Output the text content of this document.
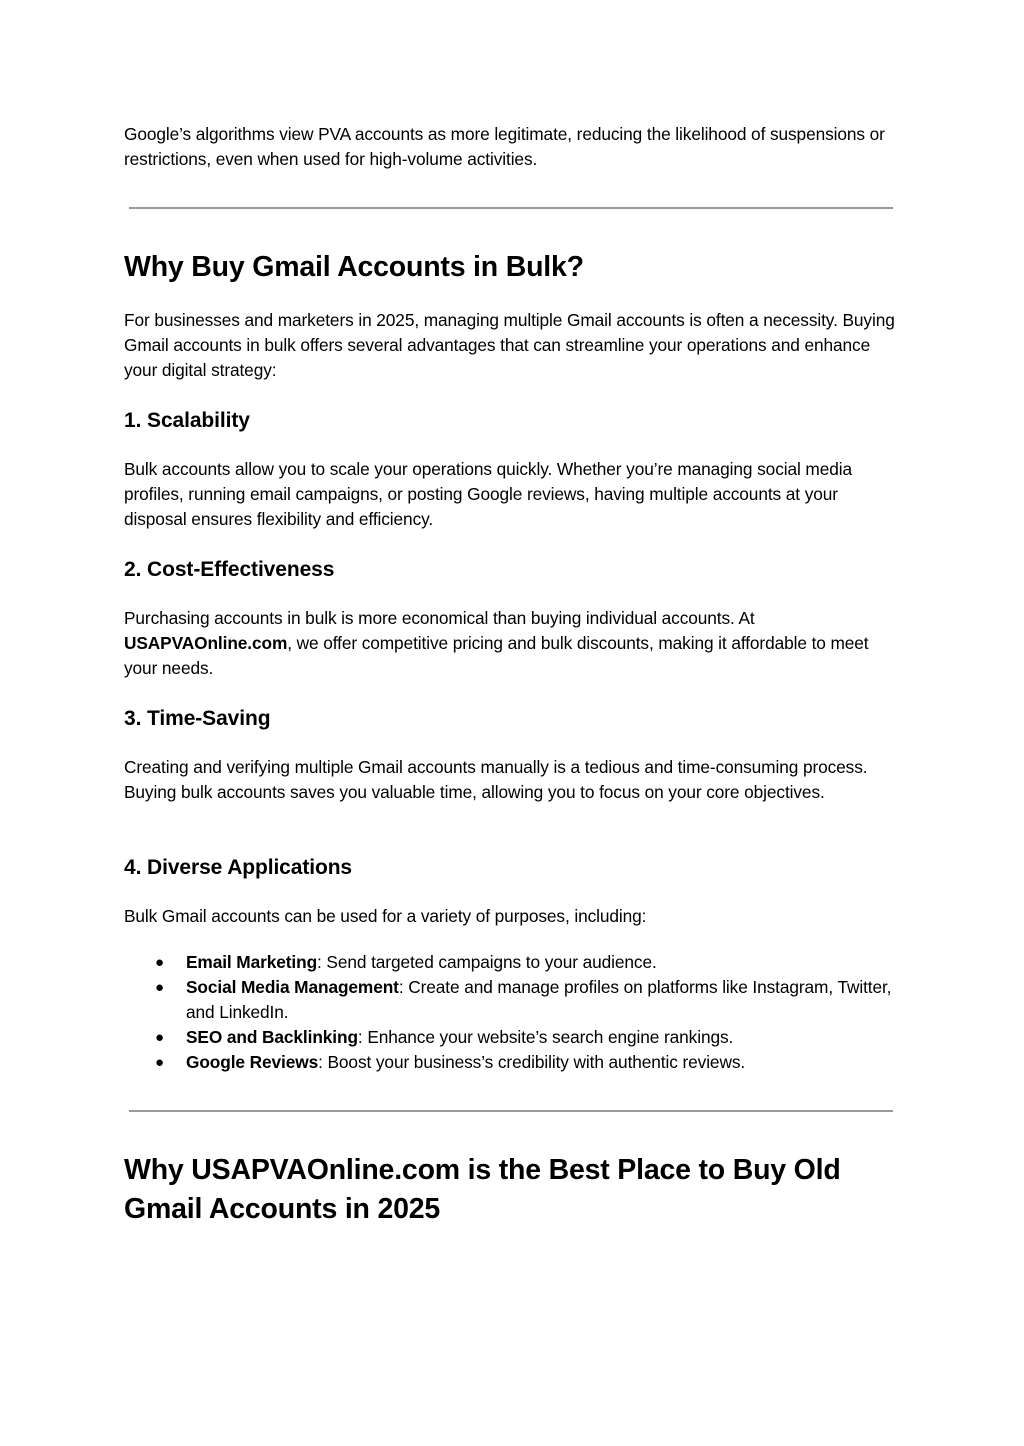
Google’s algorithms view PVA accounts as more legitimate, reducing the likelihood of suspensions or restrictions, even when used for high-volume activities.

Why Buy Gmail Accounts in Bulk?

For businesses and marketers in 2025, managing multiple Gmail accounts is often a necessity. Buying Gmail accounts in bulk offers several advantages that can streamline your operations and enhance your digital strategy:

1. Scalability

Bulk accounts allow you to scale your operations quickly. Whether you’re managing social media profiles, running email campaigns, or posting Google reviews, having multiple accounts at your disposal ensures flexibility and efficiency.

2. Cost-Effectiveness

Purchasing accounts in bulk is more economical than buying individual accounts. At USAPVAOnline.com, we offer competitive pricing and bulk discounts, making it affordable to meet your needs.

3. Time-Saving

Creating and verifying multiple Gmail accounts manually is a tedious and time-consuming process. Buying bulk accounts saves you valuable time, allowing you to focus on your core objectives.

4. Diverse Applications

Bulk Gmail accounts can be used for a variety of purposes, including:

● Email Marketing: Send targeted campaigns to your audience.
● Social Media Management: Create and manage profiles on platforms like Instagram, Twitter, and LinkedIn.
● SEO and Backlinking: Enhance your website’s search engine rankings.
● Google Reviews: Boost your business’s credibility with authentic reviews.
Why USAPVAOnline.com is the Best Place to Buy Old Gmail Accounts in 2025
